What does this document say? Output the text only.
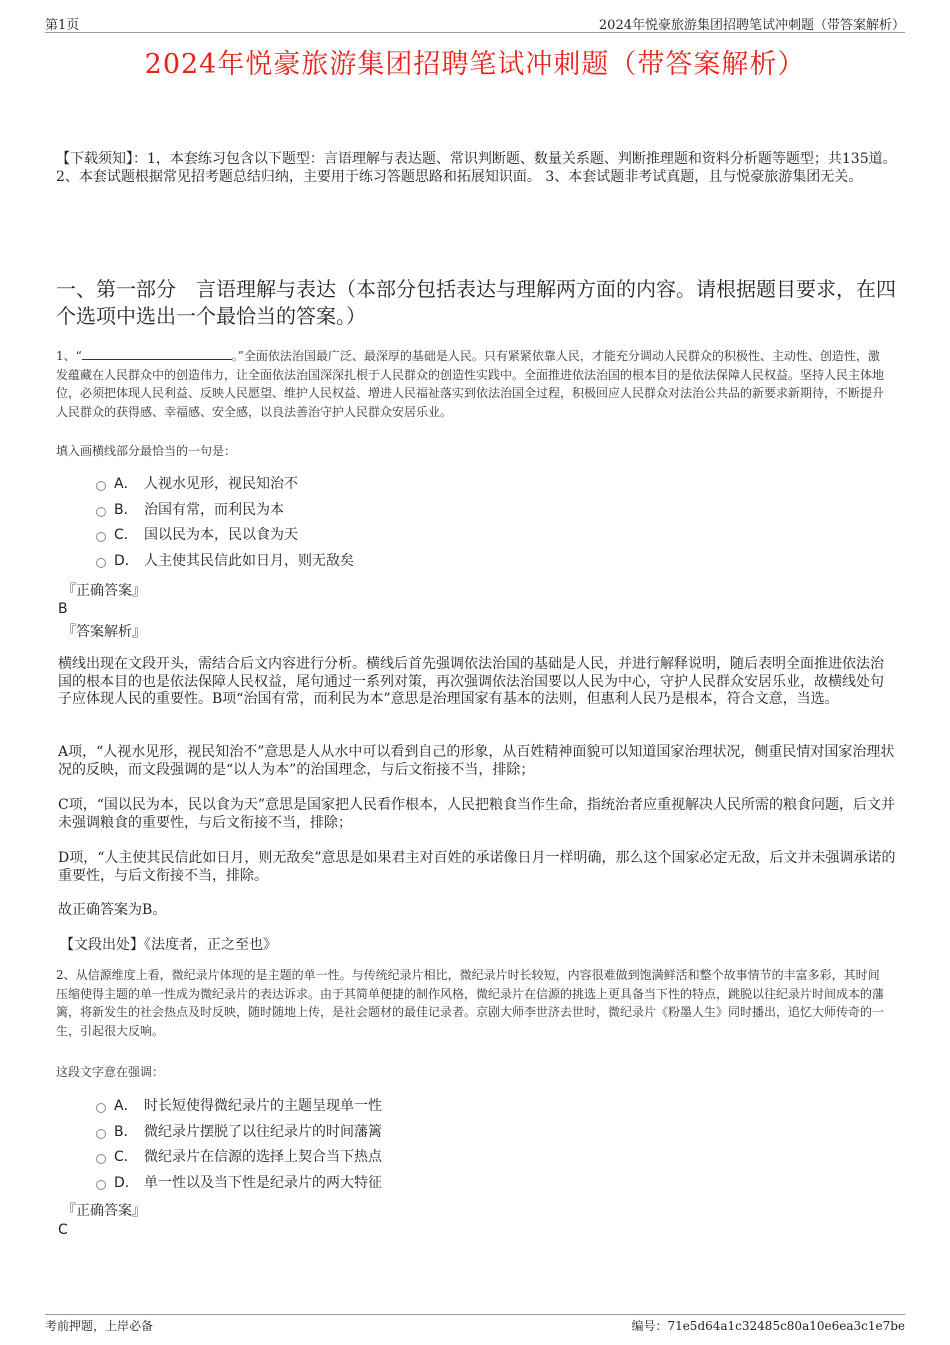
第1页	2024年悦豪旅游集团招聘笔试冲刺题（带答案解析）
2024年悦豪旅游集团招聘笔试冲刺题（带答案解析）
【下载须知】：1，本套练习包含以下题型：言语理解与表达题、常识判断题、数量关系题、判断推理题和资料分析题等题型；共135道。 2、本套试题根据常见招考题总结归纳，主要用于练习答题思路和拓展知识面。 3、本套试题非考试真题，且与悦豪旅游集团无关。
一、第一部分　言语理解与表达（本部分包括表达与理解两方面的内容。请根据题目要求，在四个选项中选出一个最恰当的答案。）
1、“	。”全面依法治国最广泛、最深厚的基础是人民。只有紧紧依靠人民，才能充分调动人民群众的积极性、主动性、创造性，激发蕴藏在人民群众中的创造伟力，让全面依法治国深深扎根于人民群众的创造性实践中。全面推进依法治国的根本目的是依法保障人民权益。坚持人民主体地位，必须把体现人民利益、反映人民愿望、维护人民权益、增进人民福祉落实到依法治国全过程，积极回应人民群众对法治公共品的新要求新期待，不断提升人民群众的获得感、幸福感、安全感，以良法善治守护人民群众安居乐业。
填入画横线部分最恰当的一句是：
A． 人视水见形，视民知治不
B． 治国有常，而利民为本
C． 国以民为本，民以食为天
D． 人主使其民信此如日月，则无敌矣
『正确答案』
B
『答案解析』
横线出现在文段开头，需结合后文内容进行分析。横线后首先强调依法治国的基础是人民，并进行解释说明，随后表明全面推进依法治国的根本目的也是依法保障人民权益，尾句通过一系列对策，再次强调依法治国要以人民为中心，守护人民群众安居乐业，故横线处句子应体现人民的重要性。B项“治国有常，而利民为本”意思是治理国家有基本的法则，但惠利人民乃是根本，符合文意，当选。
A项，“人视水见形，视民知治不”意思是人从水中可以看到自己的形象，从百姓精神面貌可以知道国家治理状况，侧重民情对国家治理状况的反映，而文段强调的是“以人为本”的治国理念，与后文衔接不当，排除；
C项，“国以民为本，民以食为天”意思是国家把人民看作根本，人民把粮食当作生命，指统治者应重视解决人民所需的粮食问题，后文并未强调粮食的重要性，与后文衔接不当，排除；
D项，“人主使其民信此如日月，则无敌矣”意思是如果君主对百姓的承诺像日月一样明确，那么这个国家必定无敌，后文并未强调承诺的重要性，与后文衔接不当，排除。
故正确答案为B。
【文段出处】《法度者，正之至也》
2、从信源维度上看，微纪录片体现的是主题的单一性。与传统纪录片相比，微纪录片时长较短，内容很难做到饱满鲜活和整个故事情节的丰富多彩，其时间压缩使得主题的单一性成为微纪录片的表达诉求。由于其简单便捷的制作风格，微纪录片在信源的挑选上更具备当下性的特点，跳脱以往纪录片时间成本的藩篱，将新发生的社会热点及时反映，随时随地上传，是社会题材的最佳记录者。京剧大师李世济去世时，微纪录片《粉墨人生》同时播出，追忆大师传奇的一生，引起很大反响。
这段文字意在强调：
A． 时长短使得微纪录片的主题呈现单一性
B． 微纪录片摆脱了以往纪录片的时间藩篱
C． 微纪录片在信源的选择上契合当下热点
D． 单一性以及当下性是纪录片的两大特征
『正确答案』
C
考前押题，上岸必备	编号：71e5d64a1c32485c80a10e6ea3c1e7be
